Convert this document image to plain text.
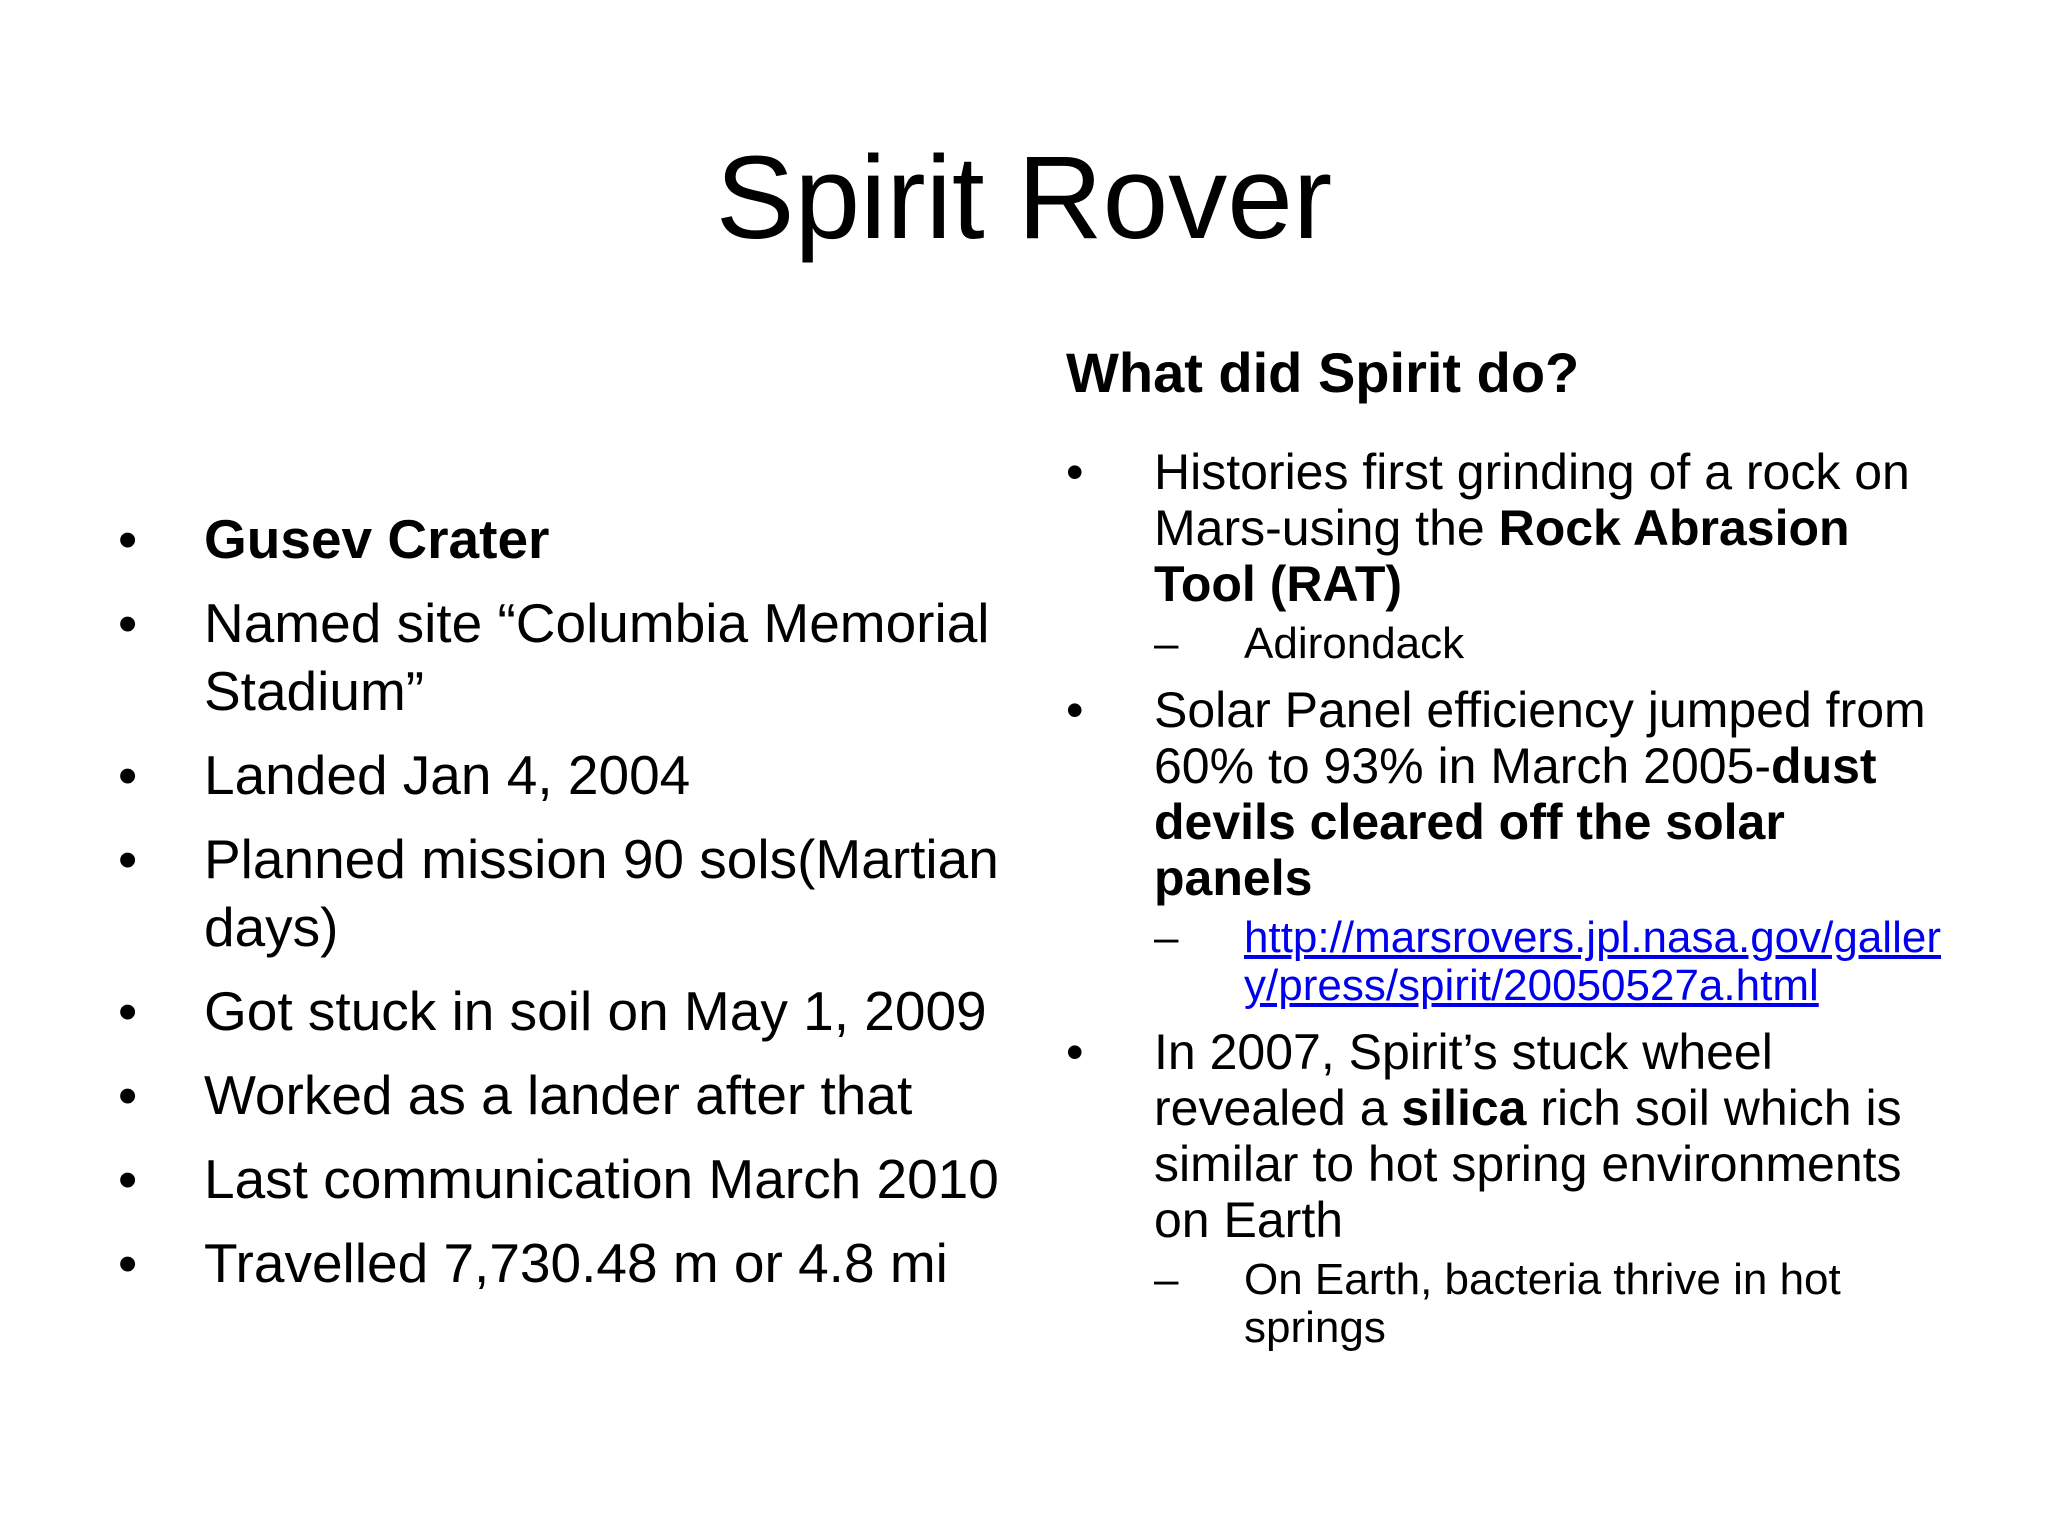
Spirit Rover
• Gusev Crater
• Named site “Columbia Memorial Stadium”
• Landed Jan 4, 2004
• Planned mission 90 sols(Martian days)
• Got stuck in soil on May 1, 2009
• Worked as a lander after that
• Last communication March 2010
• Travelled 7,730.48 m or 4.8 mi
What did Spirit do?
• Histories first grinding of a rock on Mars-using the Rock Abrasion Tool (RAT)
– Adirondack
• Solar Panel efficiency jumped from 60% to 93% in March 2005-dust devils cleared off the solar panels
– http://marsrovers.jpl.nasa.gov/gallery/press/spirit/20050527a.html
• In 2007, Spirit’s stuck wheel revealed a silica rich soil which is similar to hot spring environments on Earth
– On Earth, bacteria thrive in hot springs
